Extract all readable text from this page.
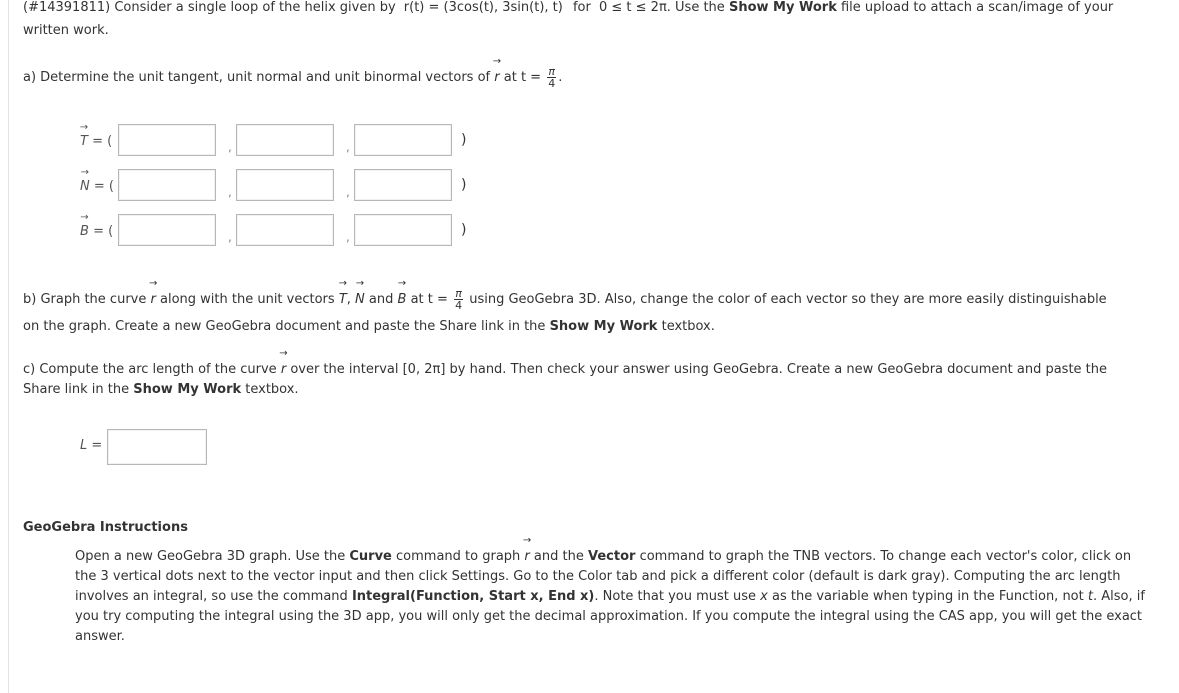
(#14391811) Consider a single loop of the helix given by r(t) = (3cos(t), 3sin(t), t) for 0 ≤ t ≤ 2π. Use the Show My Work file upload to attach a scan/image of your
written work.
a) Determine the unit tangent, unit normal and unit binormal vectors of → r at $t = \frac{\pi}{4}$ .
→ T = (	,	,	)
→ N = (	,	,	)
→ B = (	,	,	)
b) Graph the curve → r along with the unit vectors → T, → N and → B at $t = \frac{\pi}{4}$ using GeoGebra 3D. Also, change the color of each vector so they are more easily distinguishable
on the graph. Create a new GeoGebra document and paste the Share link in the Show My Work textbox.
c) Compute the arc length of the curve → r over the interval [0, 2π] by hand. Then check your answer using GeoGebra. Create a new GeoGebra document and paste the
Share link in the Show My Work textbox.
L =
GeoGebra Instructions
Open a new GeoGebra 3D graph. Use the Curve command to graph → r and the Vector command to graph the TNB vectors. To change each vector's color, click on
the 3 vertical dots next to the vector input and then click Settings. Go to the Color tab and pick a different color (default is dark gray). Computing the arc length
involves an integral, so use the command Integral(Function, Start x, End x). Note that you must use x as the variable when typing in the Function, not t. Also, if
you try computing the integral using the 3D app, you will only get the decimal approximation. If you compute the integral using the CAS app, you will get the exact
answer.
